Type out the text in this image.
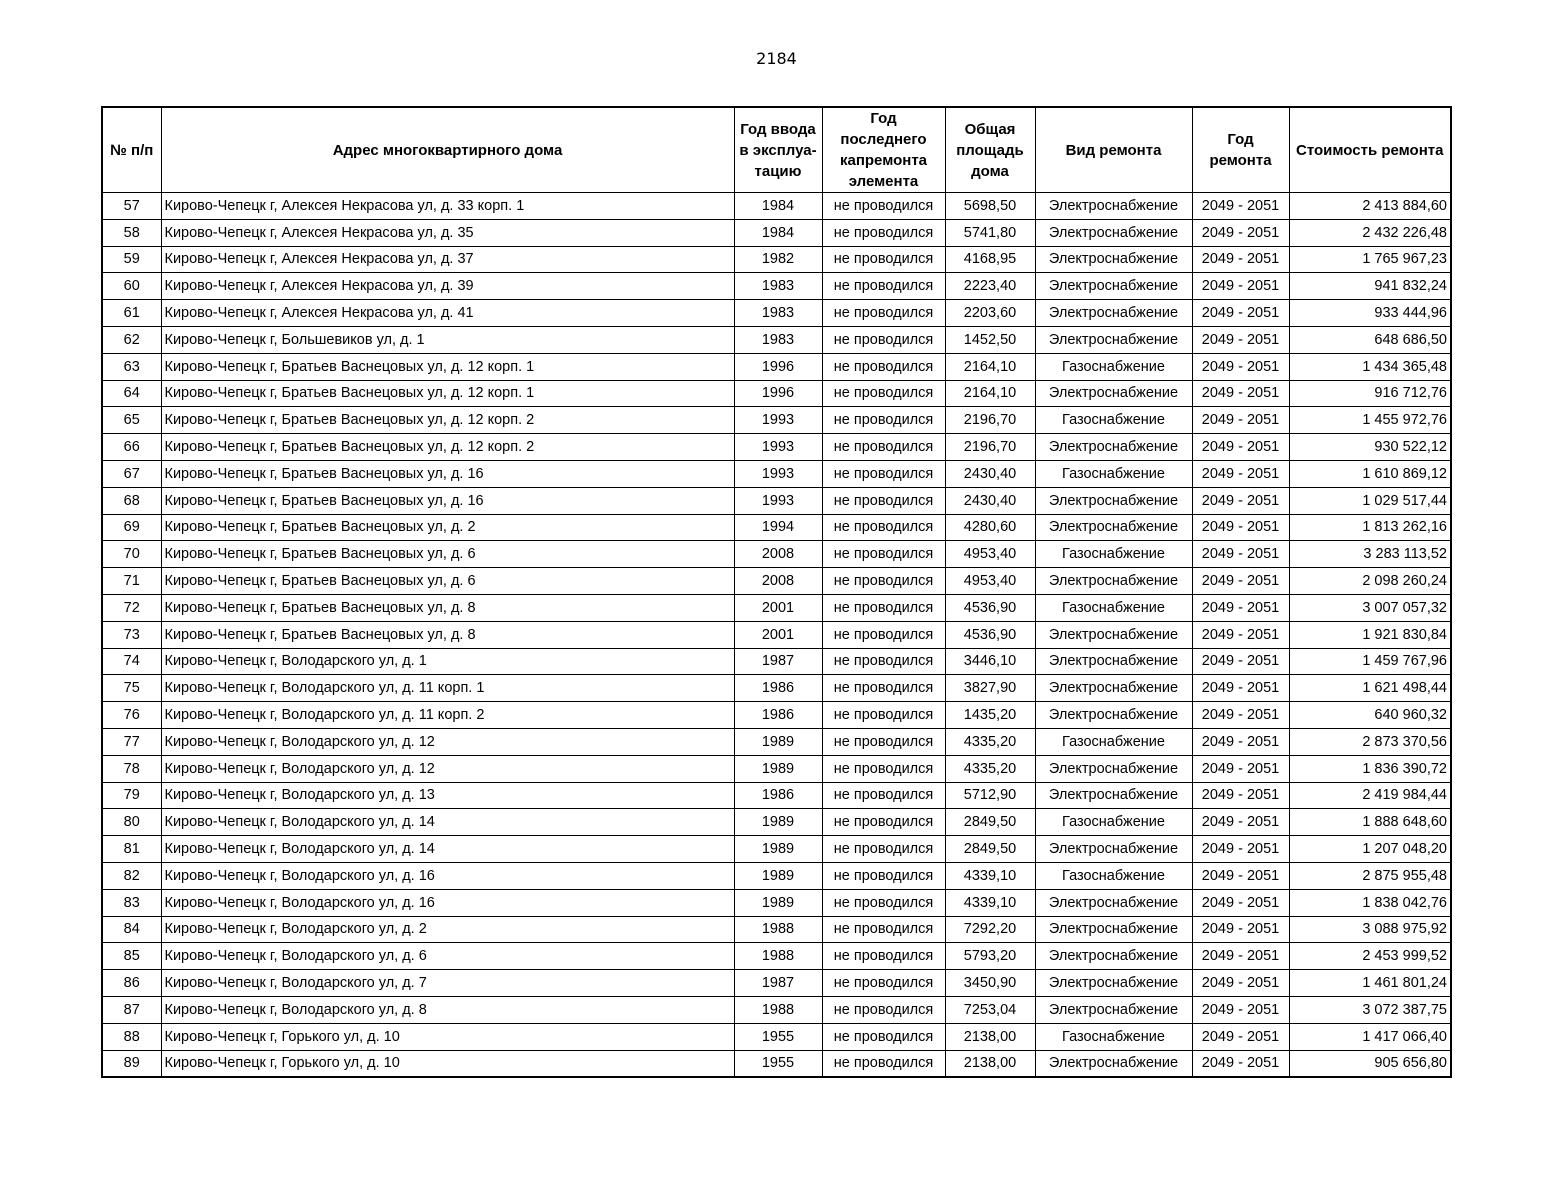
2184
№ п/п	Адрес многоквартирного дома	Год ввода в эксплуа-тацию	Год последнего капремонта элемента	Общая площадь дома	Вид ремонта	Год ремонта	Стоимость ремонта
57	Кирово-Чепецк г, Алексея Некрасова ул, д. 33 корп. 1	1984	не проводился	5698,50	Электроснабжение	2049 - 2051	2 413 884,60
58	Кирово-Чепецк г, Алексея Некрасова ул, д. 35	1984	не проводился	5741,80	Электроснабжение	2049 - 2051	2 432 226,48
59	Кирово-Чепецк г, Алексея Некрасова ул, д. 37	1982	не проводился	4168,95	Электроснабжение	2049 - 2051	1 765 967,23
60	Кирово-Чепецк г, Алексея Некрасова ул, д. 39	1983	не проводился	2223,40	Электроснабжение	2049 - 2051	941 832,24
61	Кирово-Чепецк г, Алексея Некрасова ул, д. 41	1983	не проводился	2203,60	Электроснабжение	2049 - 2051	933 444,96
62	Кирово-Чепецк г, Большевиков ул, д. 1	1983	не проводился	1452,50	Электроснабжение	2049 - 2051	648 686,50
63	Кирово-Чепецк г, Братьев Васнецовых ул, д. 12 корп. 1	1996	не проводился	2164,10	Газоснабжение	2049 - 2051	1 434 365,48
64	Кирово-Чепецк г, Братьев Васнецовых ул, д. 12 корп. 1	1996	не проводился	2164,10	Электроснабжение	2049 - 2051	916 712,76
65	Кирово-Чепецк г, Братьев Васнецовых ул, д. 12 корп. 2	1993	не проводился	2196,70	Газоснабжение	2049 - 2051	1 455 972,76
66	Кирово-Чепецк г, Братьев Васнецовых ул, д. 12 корп. 2	1993	не проводился	2196,70	Электроснабжение	2049 - 2051	930 522,12
67	Кирово-Чепецк г, Братьев Васнецовых ул, д. 16	1993	не проводился	2430,40	Газоснабжение	2049 - 2051	1 610 869,12
68	Кирово-Чепецк г, Братьев Васнецовых ул, д. 16	1993	не проводился	2430,40	Электроснабжение	2049 - 2051	1 029 517,44
69	Кирово-Чепецк г, Братьев Васнецовых ул, д. 2	1994	не проводился	4280,60	Электроснабжение	2049 - 2051	1 813 262,16
70	Кирово-Чепецк г, Братьев Васнецовых ул, д. 6	2008	не проводился	4953,40	Газоснабжение	2049 - 2051	3 283 113,52
71	Кирово-Чепецк г, Братьев Васнецовых ул, д. 6	2008	не проводился	4953,40	Электроснабжение	2049 - 2051	2 098 260,24
72	Кирово-Чепецк г, Братьев Васнецовых ул, д. 8	2001	не проводился	4536,90	Газоснабжение	2049 - 2051	3 007 057,32
73	Кирово-Чепецк г, Братьев Васнецовых ул, д. 8	2001	не проводился	4536,90	Электроснабжение	2049 - 2051	1 921 830,84
74	Кирово-Чепецк г, Володарского ул, д. 1	1987	не проводился	3446,10	Электроснабжение	2049 - 2051	1 459 767,96
75	Кирово-Чепецк г, Володарского ул, д. 11 корп. 1	1986	не проводился	3827,90	Электроснабжение	2049 - 2051	1 621 498,44
76	Кирово-Чепецк г, Володарского ул, д. 11 корп. 2	1986	не проводился	1435,20	Электроснабжение	2049 - 2051	640 960,32
77	Кирово-Чепецк г, Володарского ул, д. 12	1989	не проводился	4335,20	Газоснабжение	2049 - 2051	2 873 370,56
78	Кирово-Чепецк г, Володарского ул, д. 12	1989	не проводился	4335,20	Электроснабжение	2049 - 2051	1 836 390,72
79	Кирово-Чепецк г, Володарского ул, д. 13	1986	не проводился	5712,90	Электроснабжение	2049 - 2051	2 419 984,44
80	Кирово-Чепецк г, Володарского ул, д. 14	1989	не проводился	2849,50	Газоснабжение	2049 - 2051	1 888 648,60
81	Кирово-Чепецк г, Володарского ул, д. 14	1989	не проводился	2849,50	Электроснабжение	2049 - 2051	1 207 048,20
82	Кирово-Чепецк г, Володарского ул, д. 16	1989	не проводился	4339,10	Газоснабжение	2049 - 2051	2 875 955,48
83	Кирово-Чепецк г, Володарского ул, д. 16	1989	не проводился	4339,10	Электроснабжение	2049 - 2051	1 838 042,76
84	Кирово-Чепецк г, Володарского ул, д. 2	1988	не проводился	7292,20	Электроснабжение	2049 - 2051	3 088 975,92
85	Кирово-Чепецк г, Володарского ул, д. 6	1988	не проводился	5793,20	Электроснабжение	2049 - 2051	2 453 999,52
86	Кирово-Чепецк г, Володарского ул, д. 7	1987	не проводился	3450,90	Электроснабжение	2049 - 2051	1 461 801,24
87	Кирово-Чепецк г, Володарского ул, д. 8	1988	не проводился	7253,04	Электроснабжение	2049 - 2051	3 072 387,75
88	Кирово-Чепецк г, Горького ул, д. 10	1955	не проводился	2138,00	Газоснабжение	2049 - 2051	1 417 066,40
89	Кирово-Чепецк г, Горького ул, д. 10	1955	не проводился	2138,00	Электроснабжение	2049 - 2051	905 656,80
